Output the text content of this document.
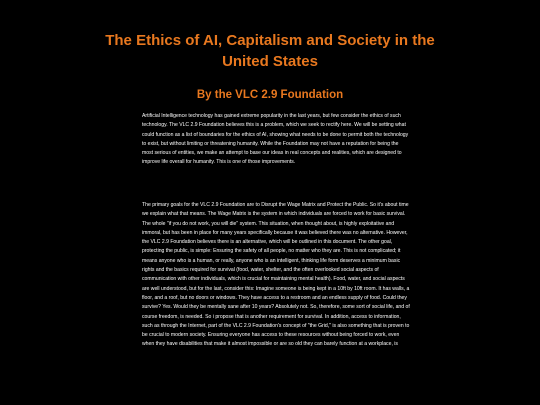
The Ethics of AI, Capitalism and Society in the United States
By the VLC 2.9 Foundation

Artificial Intelligence technology has gained extreme popularity in the last years, but few consider the ethics of such technology. The VLC 2.9 Foundation believes this is a problem, which we seek to rectify here. We will be setting what could function as a list of boundaries for the ethics of AI, showing what needs to be done to permit both the technology to exist, but without limiting or threatening humanity. While the Foundation may not have a reputation for being the most serious of entities, we make an attempt to base our ideas in real concepts and realities, which are designed to improve life overall for humanity. This is one of those improvements.

The primary goals for the VLC 2.9 Foundation are to Disrupt the Wage Matrix and Protect the Public. So it's about time we explain what that means. The Wage Matrix is the system in which individuals are forced to work for basic survival. The whole "if you do not work, you will die" system. This situation, when thought about, is highly exploitative and immoral, but has been in place for many years specifically because it was believed there was no alternative. However, the VLC 2.9 Foundation believes there is an alternative, which will be outlined in this document. The other goal, protecting the public, is simple: Ensuring the safety of all people, no matter who they are. This is not complicated; it means anyone who is a human, or really, anyone who is an intelligent, thinking life form deserves a minimum basic rights and the basics required for survival (food, water, shelter, and the often overlooked social aspects of communication with other individuals, which is crucial for maintaining mental health). Food, water, and social aspects are well understood, but for the last, consider this: Imagine someone is being kept in a 10ft by 10ft room. It has walls, a floor, and a roof, but no doors or windows. They have access to a restroom and an endless supply of food. Could they survive? Yes. Would they be mentally sane after 10 years? Absolutely not. So, therefore, some sort of social life, and of course freedom, is needed. So i propose that is another requirement for survival. In addition, access to information, such as through the Internet, part of the VLC 2.9 Foundation's concept of "the Grid," is also something that is proven to be crucial to modern society. Ensuring everyone has access to these resources without being forced to work, even when they have disabilities that make it almost impossible or are so old they can barely function at a workplace, is
